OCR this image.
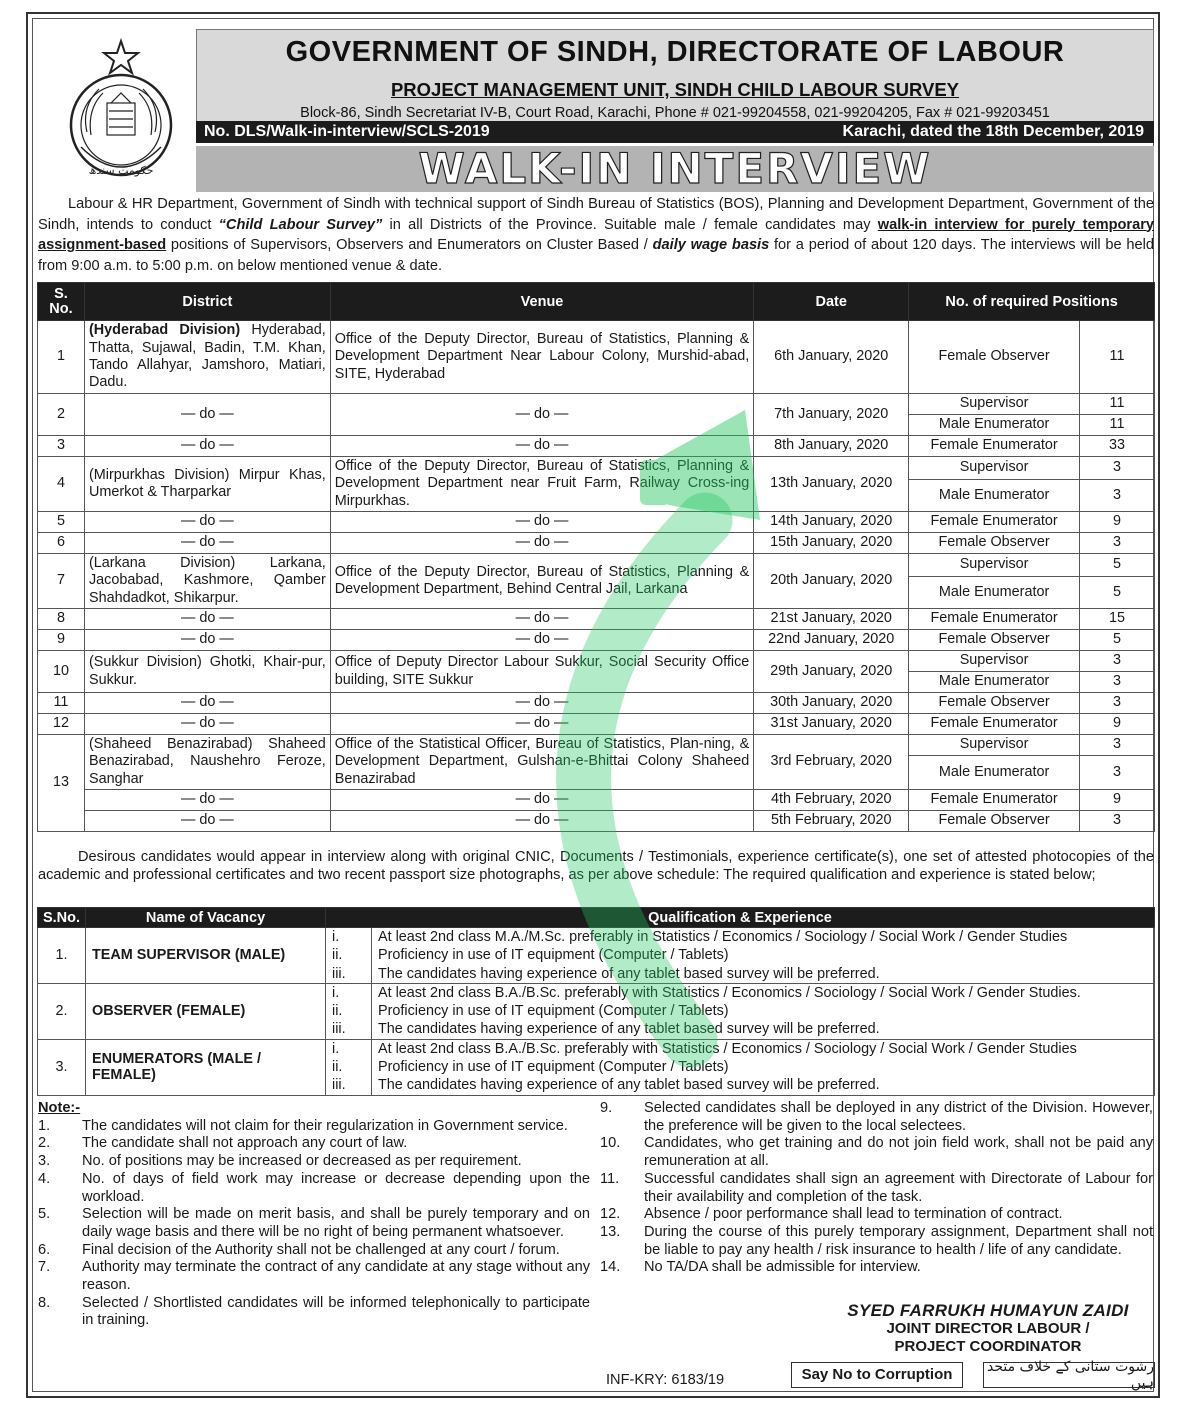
حکومت سندھ
GOVERNMENT OF SINDH, DIRECTORATE OF LABOUR
PROJECT MANAGEMENT UNIT, SINDH CHILD LABOUR SURVEY
Block-86, Sindh Secretariat IV-B, Court Road, Karachi, Phone # 021-99204558, 021-99204205, Fax # 021-99203451
No. DLS/Walk-in-interview/SCLS-2019	Karachi, dated the 18th December, 2019
WALK-IN INTERVIEW
Labour & HR Department, Government of Sindh with technical support of Sindh Bureau of Statistics (BOS), Planning and Development Department, Government of the Sindh, intends to conduct “Child Labour Survey” in all Districts of the Province. Suitable male / female candidates may walk-in interview for purely temporary assignment-based positions of Supervisors, Observers and Enumerators on Cluster Based / daily wage basis for a period of about 120 days. The interviews will be held from 9:00 a.m. to 5:00 p.m. on below mentioned venue & date.
S.
No.	District	Venue	Date	No. of required Positions	
1	(Hyderabad Division) Hyderabad, Thatta, Sujawal, Badin, T.M. Khan, Tando Allahyar, Jamshoro, Matiari, Dadu.	Office of the Deputy Director, Bureau of Statistics, Planning & Development Department Near Labour Colony, Murshid-abad, SITE, Hyderabad	6th January, 2020	Female Observer	11
2	— do —	— do —	7th January, 2020	Supervisor	11
				Male Enumerator	11
3	— do —	— do —	8th January, 2020	Female Enumerator	33
4	(Mirpurkhas Division) Mirpur Khas, Umerkot & Tharparkar	Office of the Deputy Director, Bureau of Statistics, Planning & Development Department near Fruit Farm, Railway Cross-ing Mirpurkhas.	13th January, 2020	Supervisor	3
				Male Enumerator	3
5	— do —	— do —	14th January, 2020	Female Enumerator	9
6	— do —	— do —	15th January, 2020	Female Observer	3
7	(Larkana Division) Larkana, Jacobabad, Kashmore, Qamber Shahdadkot, Shikarpur.	Office of the Deputy Director, Bureau of Statistics, Planning & Development Department, Behind Central Jail, Larkana	20th January, 2020	Supervisor	5
				Male Enumerator	5
8	— do —	— do —	21st January, 2020	Female Enumerator	15
9	— do —	— do —	22nd January, 2020	Female Observer	5
10	(Sukkur Division) Ghotki, Khair-pur, Sukkur.	Office of Deputy Director Labour Sukkur, Social Security Office building, SITE Sukkur	29th January, 2020	Supervisor	3
				Male Enumerator	3
11	— do —	— do —	30th January, 2020	Female Observer	3
12	— do —	— do —	31st January, 2020	Female Enumerator	9
13	(Shaheed Benazirabad) Shaheed Benazirabad, Naushehro Feroze, Sanghar	Office of the Statistical Officer, Bureau of Statistics, Plan-ning, & Development Department, Gulshan-e-Bhittai Colony Shaheed Benazirabad	3rd February, 2020	Supervisor	3
				Male Enumerator	3
	— do —	— do —	4th February, 2020	Female Enumerator	9
	— do —	— do —	5th February, 2020	Female Observer	3
Desirous candidates would appear in interview along with original CNIC, Documents / Testimonials, experience certificate(s), one set of attested photocopies of the academic and professional certificates and two recent passport size photographs, as per above schedule: The required qualification and experience is stated below;
S.No.	Name of Vacancy	Qualification & Experience	
1.	TEAM SUPERVISOR (MALE)	i.	At least 2nd class M.A./M.Sc. preferably in Statistics / Economics / Sociology / Social Work / Gender Studies
		ii.	Proficiency in use of IT equipment (Computer / Tablets)
		iii.	The candidates having experience of any tablet based survey will be preferred.
2.	OBSERVER (FEMALE)	i.	At least 2nd class B.A./B.Sc. preferably with Statistics / Economics / Sociology / Social Work / Gender Studies.
		ii.	Proficiency in use of IT equipment (Computer / Tablets)
		iii.	The candidates having experience of any tablet based survey will be preferred.
3.	ENUMERATORS (MALE / FEMALE)	i.	At least 2nd class B.A./B.Sc. preferably with Statistics / Economics / Sociology / Social Work / Gender Studies
		ii.	Proficiency in use of IT equipment (Computer / Tablets)
		iii.	The candidates having experience of any tablet based survey will be preferred.
Note:-
1.	The candidates will not claim for their regularization in Government service.
2.	The candidate shall not approach any court of law.
3.	No. of positions may be increased or decreased as per requirement.
4.	No. of days of field work may increase or decrease depending upon the workload.
5.	Selection will be made on merit basis, and shall be purely temporary and on daily wage basis and there will be no right of being permanent whatsoever.
6.	Final decision of the Authority shall not be challenged at any court / forum.
7.	Authority may terminate the contract of any candidate at any stage without any reason.
8.	Selected / Shortlisted candidates will be informed telephonically to participate in training.
9.	Selected candidates shall be deployed in any district of the Division. However, the preference will be given to the local selectees.
10.	Candidates, who get training and do not join field work, shall not be paid any remuneration at all.
11.	Successful candidates shall sign an agreement with Directorate of Labour for their availability and completion of the task.
12.	Absence / poor performance shall lead to termination of contract.
13.	During the course of this purely temporary assignment, Department shall not be liable to pay any health / risk insurance to health / life of any candidate.
14.	No TA/DA shall be admissible for interview.
SYED FARRUKH HUMAYUN ZAIDI
JOINT DIRECTOR LABOUR /
PROJECT COORDINATOR
INF-KRY: 6183/19	Say No to Corruption	رشوت ستانی کے خلاف متحد ہیں
